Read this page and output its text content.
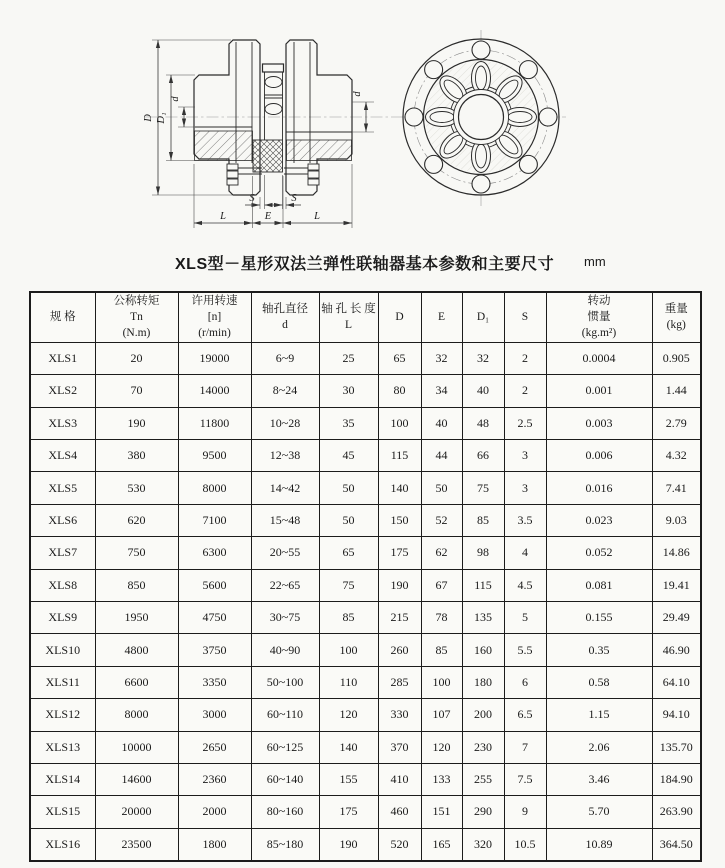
D D₁
d
d
S	S
L	E	L
XLS型－星形双法兰弹性联轴器基本参数和主要尺寸 mm
规 格

公称转矩
Tn
(N.m)

许用转速
[n]
(r/min)

轴孔直径
d

轴 孔 长 度
L

D	E	D₁	S

转动
惯量
(kg.m²)

重量
(kg)

XLS1	20	19000	6~9	25	65	32	32	2	0.0004	0.905
XLS2	70	14000	8~24	30	80	34	40	2	0.001	1.44
XLS3	190	11800	10~28	35	100	40	48	2.5	0.003	2.79
XLS4	380	9500	12~38	45	115	44	66	3	0.006	4.32
XLS5	530	8000	14~42	50	140	50	75	3	0.016	7.41
XLS6	620	7100	15~48	50	150	52	85	3.5	0.023	9.03
XLS7	750	6300	20~55	65	175	62	98	4	0.052	14.86
XLS8	850	5600	22~65	75	190	67	115	4.5	0.081	19.41
XLS9	1950	4750	30~75	85	215	78	135	5	0.155	29.49
XLS10	4800	3750	40~90	100	260	85	160	5.5	0.35	46.90
XLS11	6600	3350	50~100	110	285	100	180	6	0.58	64.10
XLS12	8000	3000	60~110	120	330	107	200	6.5	1.15	94.10
XLS13	10000	2650	60~125	140	370	120	230	7	2.06	135.70
XLS14	14600	2360	60~140	155	410	133	255	7.5	3.46	184.90
XLS15	20000	2000	80~160	175	460	151	290	9	5.70	263.90
XLS16	23500	1800	85~180	190	520	165	320	10.5	10.89	364.50
